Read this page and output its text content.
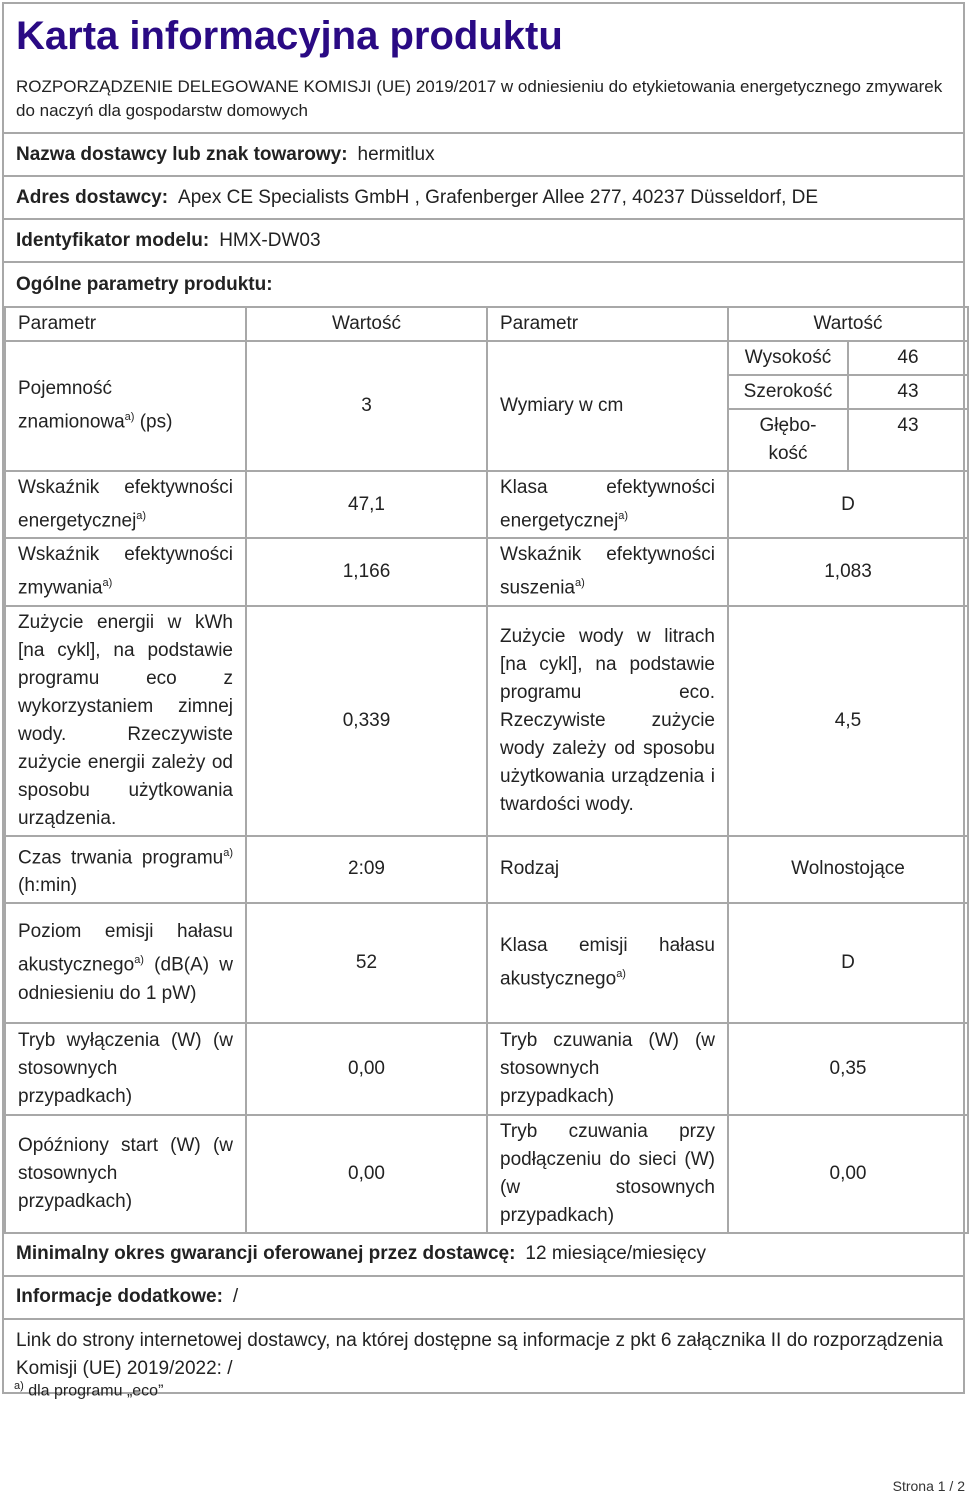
Karta informacyjna produktu
ROZPORZĄDZENIE DELEGOWANE KOMISJI (UE) 2019/2017 w odniesieniu do etykietowania energetycznego zmywarek do naczyń dla gospodarstw domowych
Nazwa dostawcy lub znak towarowy: hermitlux
Adres dostawcy: Apex CE Specialists GmbH , Grafenberger Allee 277, 40237 Düsseldorf, DE
Identyfikator modelu: HMX-DW03
Ogólne parametry produktu:
Parametr	Wartość	Parametr	Wartość
Pojemność znamionowa$^{a)}$ (ps)	3	Wymiary w cm	
Wysokość	46
Szerokość	43
Głębo-kość	43

Wskaźnik efektywności energetycznej$^{a)}$	47,1	Klasa efektywności energetycznej$^{a)}$	D
Wskaźnik efektywności zmywania$^{a)}$	1,166	Wskaźnik efektywności suszenia$^{a)}$	1,083
Zużycie energii w kWh [na cykl], na podstawie programu eco z wykorzystaniem zimnej wody. Rzeczywiste zużycie energii zależy od sposobu użytkowania urządzenia.	0,339	Zużycie wody w litrach [na cykl], na podstawie programu eco. Rzeczywiste zużycie wody zależy od sposobu użytkowania urządzenia i twardości wody.	4,5
Czas trwania programu$^{a)}$ (h:min)	2:09	Rodzaj	Wolnostojące
Poziom emisji hałasu akustycznego$^{a)}$ (dB(A) w odniesieniu do 1 pW)	52	Klasa emisji hałasu akustycznego$^{a)}$	D
Tryb wyłączenia (W) (w stosownych przypadkach)	0,00	Tryb czuwania (W) (w stosownych przypadkach)	0,35
Opóźniony start (W) (w stosownych przypadkach)	0,00	Tryb czuwania przy podłączeniu do sieci (W) (w stosownych przypadkach)	0,00
Minimalny okres gwarancji oferowanej przez dostawcę: 12 miesiące/miesięcy
Informacje dodatkowe: /
Link do strony internetowej dostawcy, na której dostępne są informacje z pkt 6 załącznika II do rozporządzenia Komisji (UE) 2019/2022: /
$^{a)}$ dla programu „eco”
Strona 1 / 2
